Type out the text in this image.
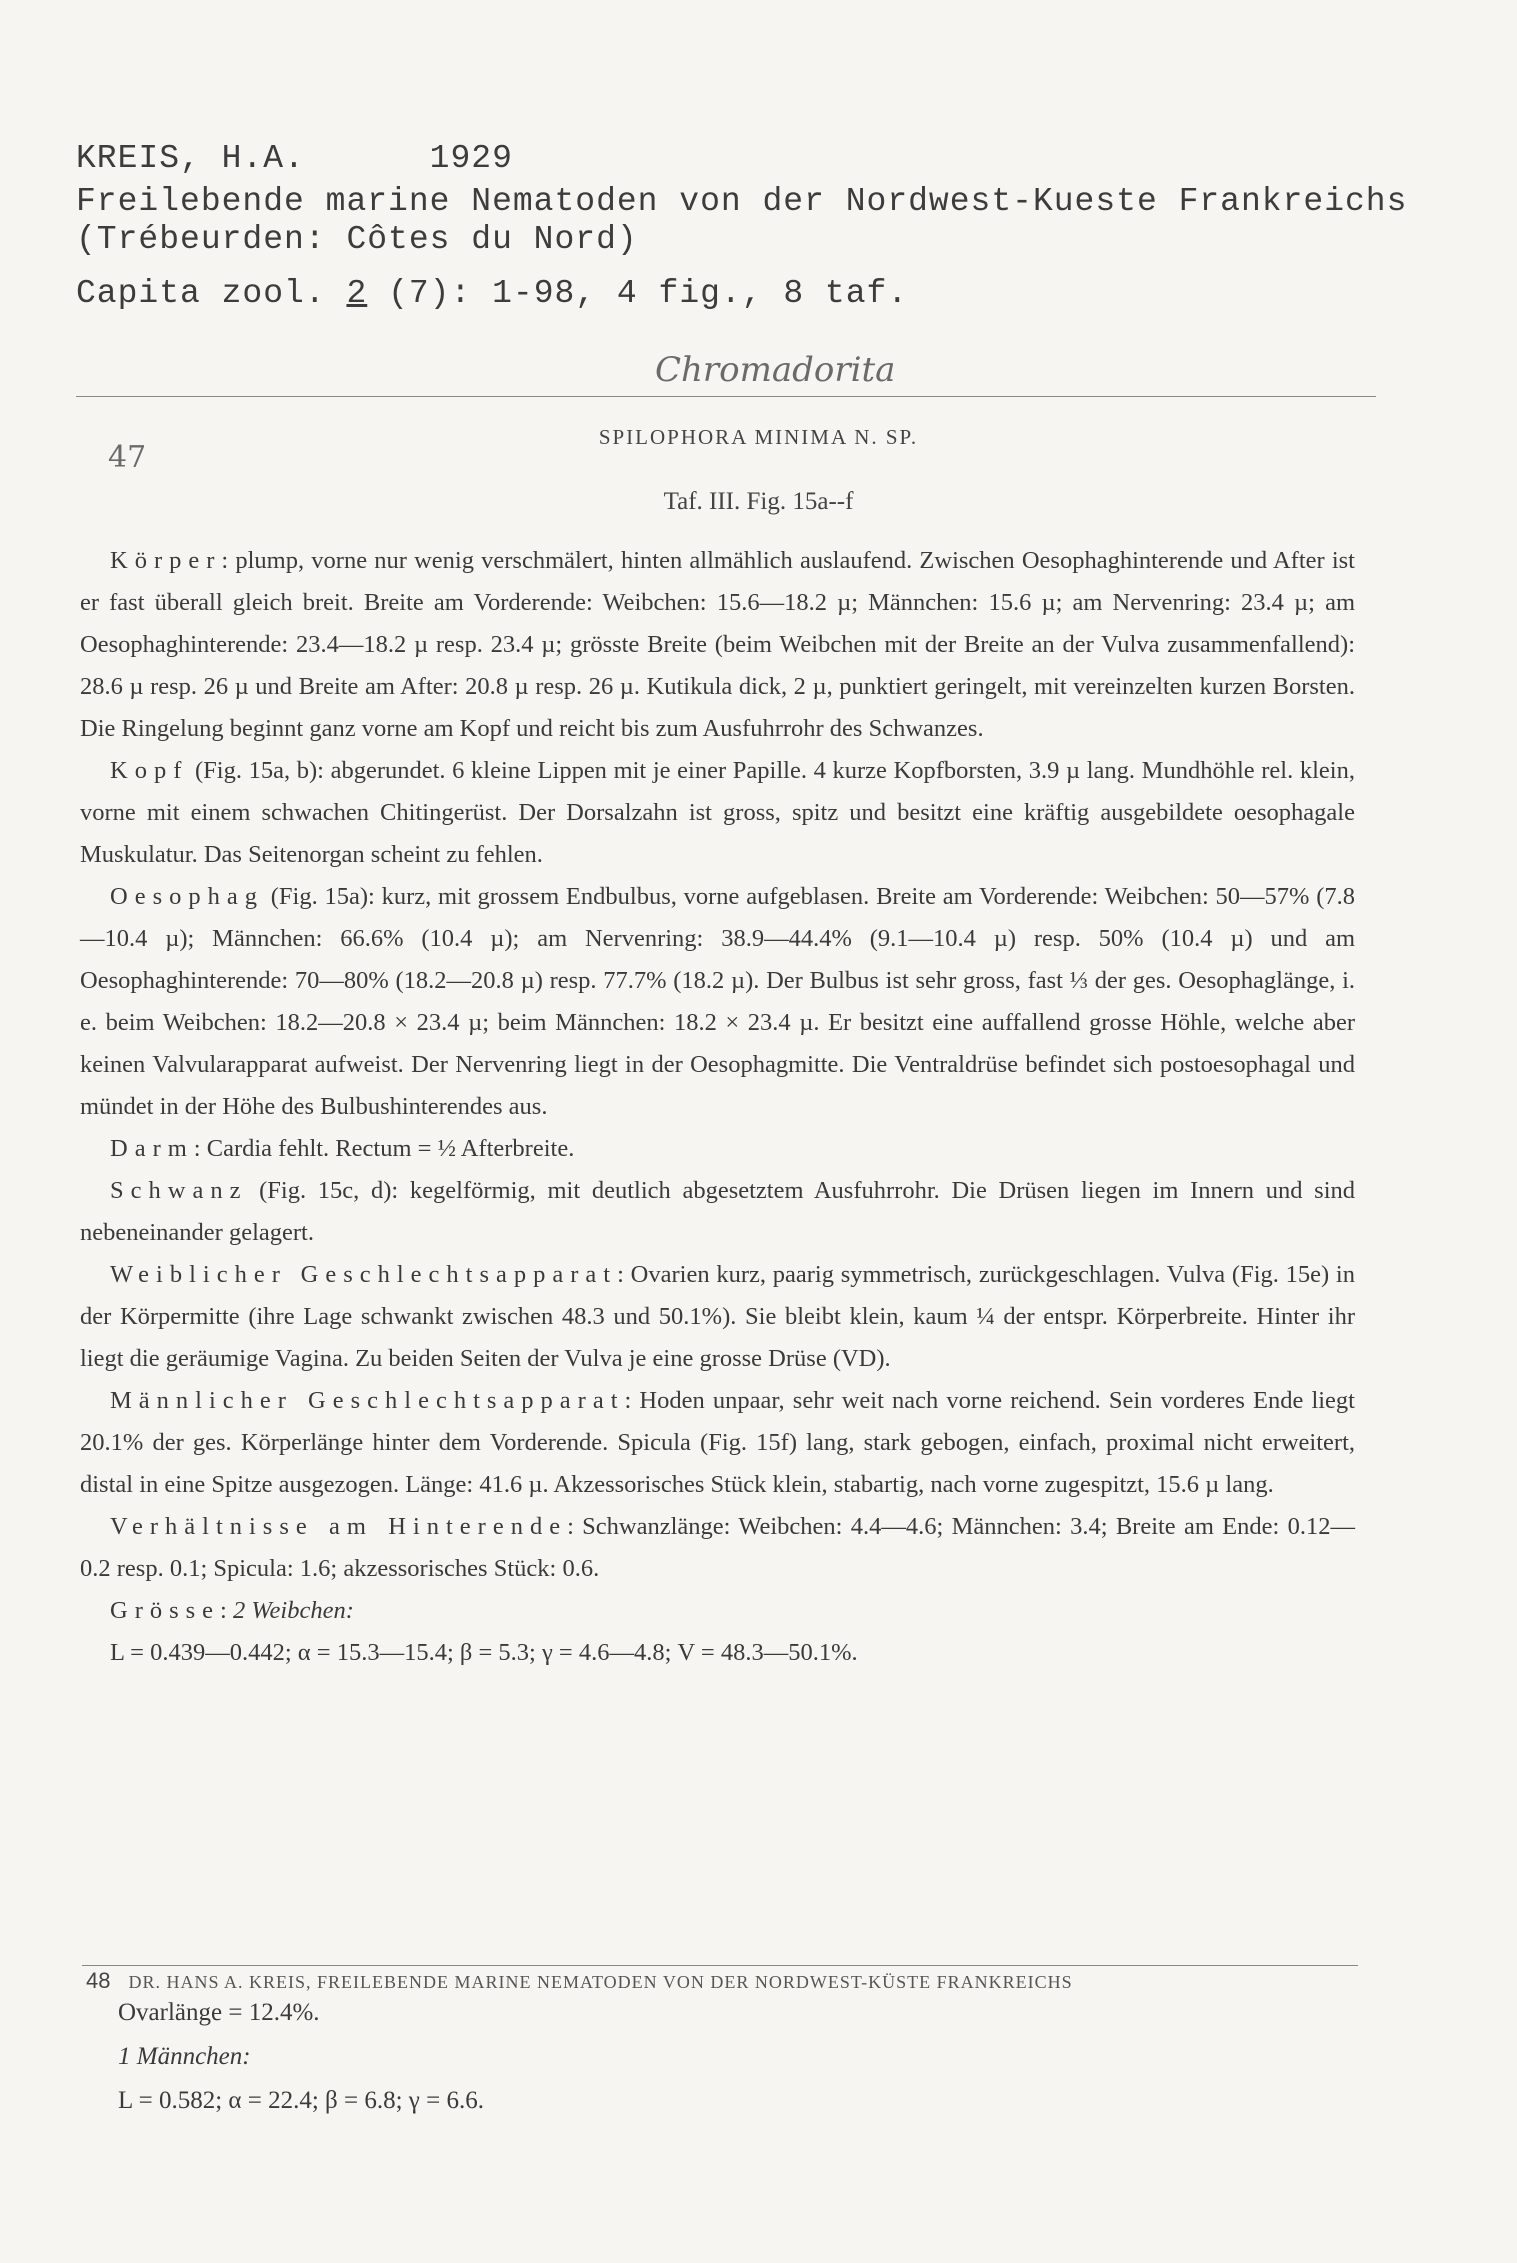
KREIS, H.A.	1929
Freilebende marine Nematoden von der Nordwest-Kueste Frankreichs
(Trébeurden: Côtes du Nord)
Capita zool. 2 (7): 1-98, 4 fig., 8 taf.
Chromadorita
47
SPILOPHORA MINIMA N. SP.
Taf. III. Fig. 15a--f

Körper: plump, vorne nur wenig verschmälert, hinten allmählich auslaufend. Zwischen Oesophaghinterende und After ist er fast überall gleich breit. Breite am Vorderende: Weibchen: 15.6—18.2 µ; Männchen: 15.6 µ; am Nervenring: 23.4 µ; am Oesophaghinterende: 23.4—18.2 µ resp. 23.4 µ; grösste Breite (beim Weibchen mit der Breite an der Vulva zusammenfallend): 28.6 µ resp. 26 µ und Breite am After: 20.8 µ resp. 26 µ. Kutikula dick, 2 µ, punktiert geringelt, mit vereinzelten kurzen Borsten. Die Ringelung beginnt ganz vorne am Kopf und reicht bis zum Ausfuhrrohr des Schwanzes.

Kopf (Fig. 15a, b): abgerundet. 6 kleine Lippen mit je einer Papille. 4 kurze Kopfborsten, 3.9 µ lang. Mundhöhle rel. klein, vorne mit einem schwachen Chitingerüst. Der Dorsalzahn ist gross, spitz und besitzt eine kräftig ausgebildete oesophagale Muskulatur. Das Seitenorgan scheint zu fehlen.

Oesophag (Fig. 15a): kurz, mit grossem Endbulbus, vorne aufgeblasen. Breite am Vorderende: Weibchen: 50—57% (7.8—10.4 µ); Männchen: 66.6% (10.4 µ); am Nervenring: 38.9—44.4% (9.1—10.4 µ) resp. 50% (10.4 µ) und am Oesophaghinterende: 70—80% (18.2—20.8 µ) resp. 77.7% (18.2 µ). Der Bulbus ist sehr gross, fast ⅓ der ges. Oesophaglänge, i. e. beim Weibchen: 18.2—20.8 × 23.4 µ; beim Männchen: 18.2 × 23.4 µ. Er besitzt eine auffallend grosse Höhle, welche aber keinen Valvularapparat aufweist. Der Nervenring liegt in der Oesophagmitte. Die Ventraldrüse befindet sich postoesophagal und mündet in der Höhe des Bulbushinterendes aus.

Darm: Cardia fehlt. Rectum = ½ Afterbreite.

Schwanz (Fig. 15c, d): kegelförmig, mit deutlich abgesetztem Ausfuhrrohr. Die Drüsen liegen im Innern und sind nebeneinander gelagert.

Weiblicher Geschlechtsapparat: Ovarien kurz, paarig symmetrisch, zurückgeschlagen. Vulva (Fig. 15e) in der Körpermitte (ihre Lage schwankt zwischen 48.3 und 50.1%). Sie bleibt klein, kaum ¼ der entspr. Körperbreite. Hinter ihr liegt die geräumige Vagina. Zu beiden Seiten der Vulva je eine grosse Drüse (VD).

Männlicher Geschlechtsapparat: Hoden unpaar, sehr weit nach vorne reichend. Sein vorderes Ende liegt 20.1% der ges. Körperlänge hinter dem Vorderende. Spicula (Fig. 15f) lang, stark gebogen, einfach, proximal nicht erweitert, distal in eine Spitze ausgezogen. Länge: 41.6 µ. Akzessorisches Stück klein, stabartig, nach vorne zugespitzt, 15.6 µ lang.

Verhältnisse am Hinterende: Schwanzlänge: Weibchen: 4.4—4.6; Männchen: 3.4; Breite am Ende: 0.12—0.2 resp. 0.1; Spicula: 1.6; akzessorisches Stück: 0.6.

Grösse: 2 Weibchen:

L = 0.439—0.442; α = 15.3—15.4; β = 5.3; γ = 4.6—4.8; V = 48.3—50.1%.

48 DR. HANS A. KREIS, FREILEBENDE MARINE NEMATODEN VON DER NORDWEST-KÜSTE FRANKREICHS

Ovarlänge = 12.4%.

1 Männchen:

L = 0.582; α = 22.4; β = 6.8; γ = 6.6.
